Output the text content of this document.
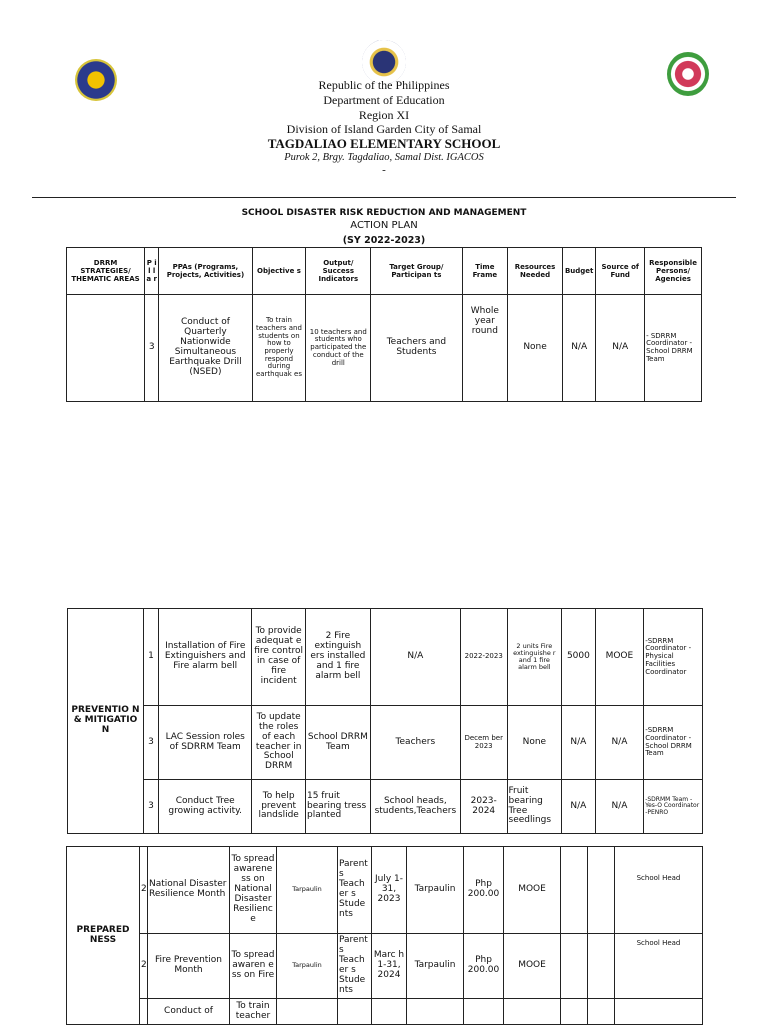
Republic of the Philippines
Department of Education
Region XI
Division of Island Garden City of Samal
TAGDALIAO ELEMENTARY SCHOOL
Purok 2, Brgy. Tagdaliao, Samal Dist. IGACOS
-
SCHOOL DISASTER RISK REDUCTION AND MANAGEMENT
ACTION PLAN
(SY 2022-2023)
DRRM STRATEGIES/ THEMATIC AREAS	P i l l a r	PPAs (Programs, Projects, Activities)	Objective s	Output/ Success Indicators	Target Group/ Participan ts	Time Frame	Resources Needed	Budget	Source of Fund	Responsible Persons/ Agencies
	3	Conduct of Quarterly Nationwide Simultaneous Earthquake Drill (NSED)	To train teachers and students on how to properly respond during earthquak es	10 teachers and students who participated the conduct of the drill	Teachers and Students	Whole year round	None	N/A	N/A	- SDRRM Coordinator -School DRRM Team
PREVENTIO N & MITIGATIO N	1	Installation of Fire Extinguishers and Fire alarm bell	To provide adequat e fire control in case of fire incident	2 Fire extinguish ers installed and 1 fire alarm bell	N/A	2022-2023	2 units Fire extinguishe r and 1 fire alarm bell	5000	MOOE	-SDRRM Coordinator -Physical Facilities Coordinator
	3	LAC Session roles of SDRRM Team	To update the roles of each teacher in School DRRM	School DRRM Team	Teachers	Decem ber 2023	None	N/A	N/A	-SDRRM Coordinator -School DRRM Team
	3	Conduct Tree growing activity.	To help prevent landslide	15 fruit bearing tress planted	School heads, students,Teachers	2023-2024	Fruit bearing Tree seedlings	N/A	N/A	-SDRMM Team -Yes-O Coordinator -PENRO
PREPARED NESS	2	National Disaster Resilience Month	To spread awarene ss on National Disaster Resilienc e	Tarpaulin	Parents Teacher s Students	July 1-31, 2023	Tarpaulin	Php 200.00	MOOE			School Head
	2	Fire Prevention Month	To spread awaren e ss on Fire	Tarpaulin	Parents Teacher s Students	Marc h 1-31, 2024	Tarpaulin	Php 200.00	MOOE			School Head
		Conduct of	To train teacher									
